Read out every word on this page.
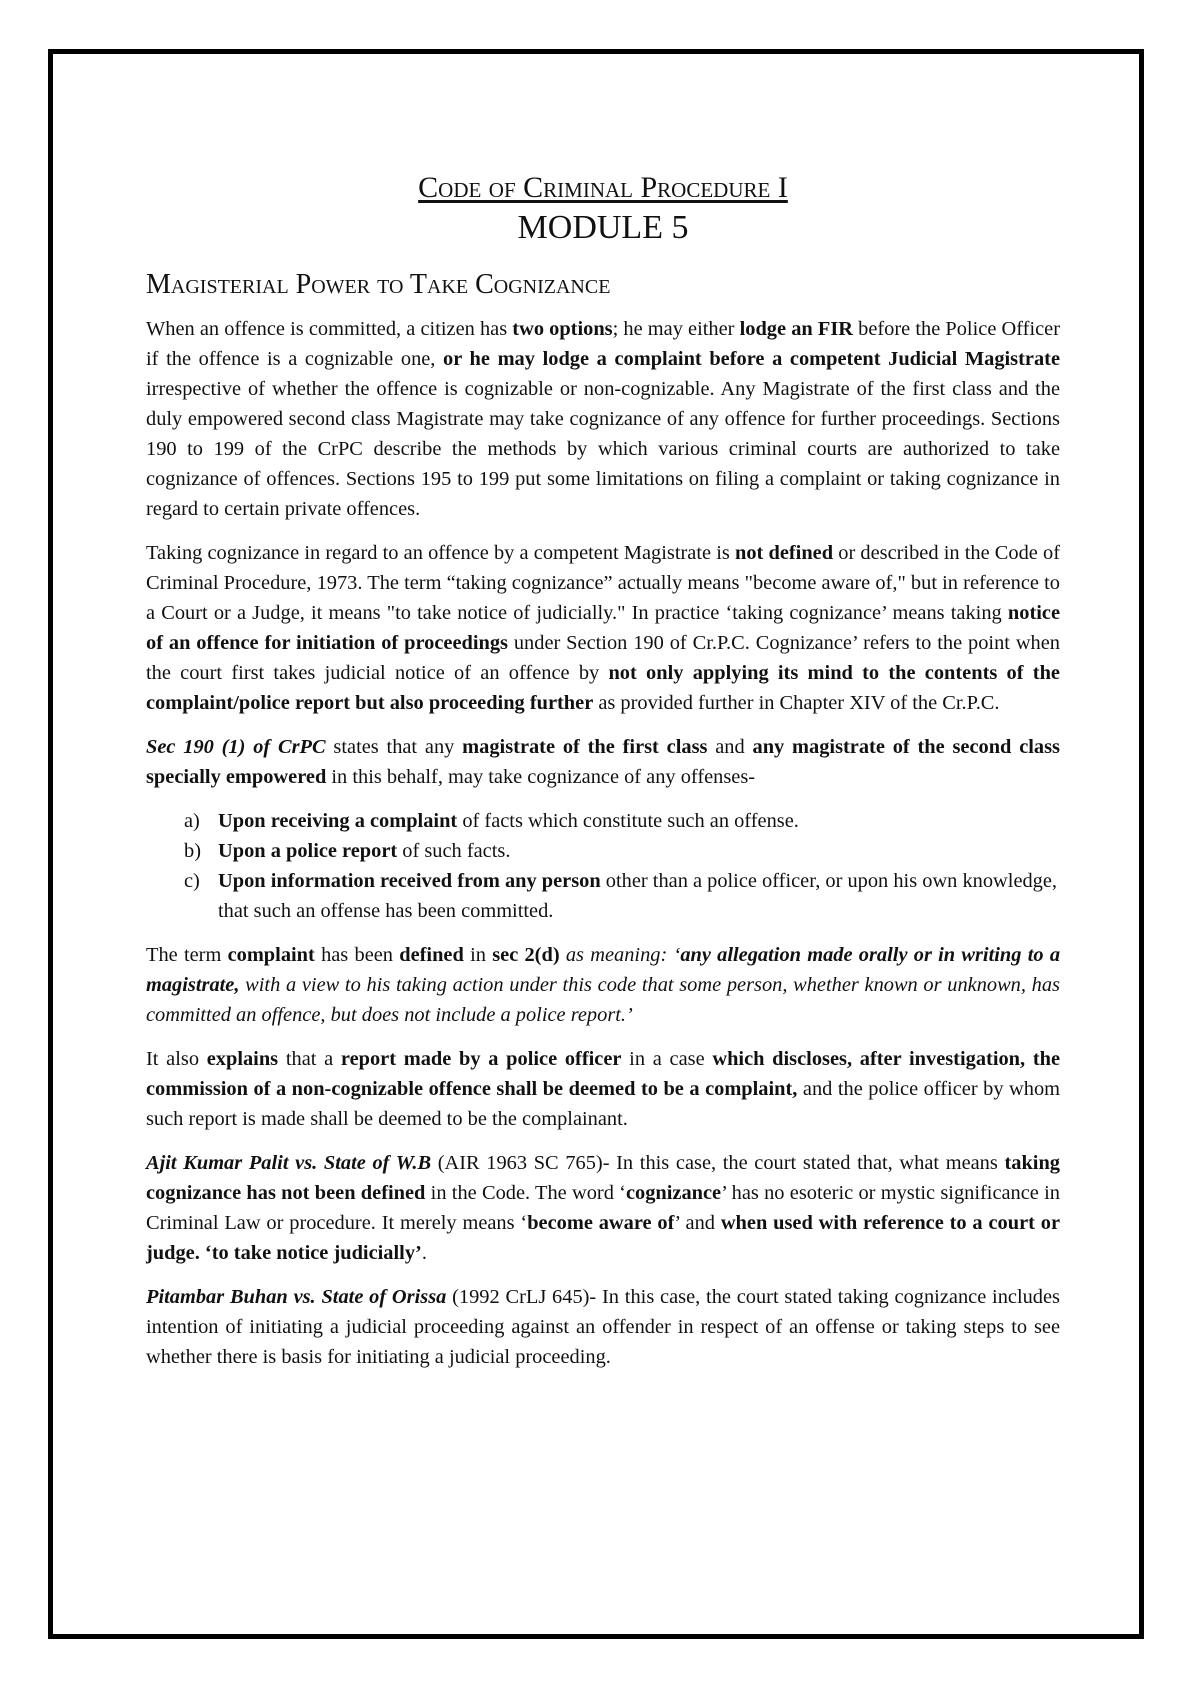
Code of Criminal Procedure I
MODULE 5
Magisterial Power to Take Cognizance

When an offence is committed, a citizen has two options; he may either lodge an FIR before the Police Officer if the offence is a cognizable one, or he may lodge a complaint before a competent Judicial Magistrate irrespective of whether the offence is cognizable or non-cognizable. Any Magistrate of the first class and the duly empowered second class Magistrate may take cognizance of any offence for further proceedings. Sections 190 to 199 of the CrPC describe the methods by which various criminal courts are authorized to take cognizance of offences. Sections 195 to 199 put some limitations on filing a complaint or taking cognizance in regard to certain private offences.

Taking cognizance in regard to an offence by a competent Magistrate is not defined or described in the Code of Criminal Procedure, 1973. The term “taking cognizance” actually means "become aware of," but in reference to a Court or a Judge, it means "to take notice of judicially." In practice ‘taking cognizance’ means taking notice of an offence for initiation of proceedings under Section 190 of Cr.P.C. Cognizance’ refers to the point when the court first takes judicial notice of an offence by not only applying its mind to the contents of the complaint/police report but also proceeding further as provided further in Chapter XIV of the Cr.P.C.

Sec 190 (1) of CrPC states that any magistrate of the first class and any magistrate of the second class specially empowered in this behalf, may take cognizance of any offenses-

a) Upon receiving a complaint of facts which constitute such an offense.
b) Upon a police report of such facts.
c) Upon information received from any person other than a police officer, or upon his own knowledge, that such an offense has been committed.

The term complaint has been defined in sec 2(d) as meaning: ‘any allegation made orally or in writing to a magistrate, with a view to his taking action under this code that some person, whether known or unknown, has committed an offence, but does not include a police report.’

It also explains that a report made by a police officer in a case which discloses, after investigation, the commission of a non-cognizable offence shall be deemed to be a complaint, and the police officer by whom such report is made shall be deemed to be the complainant.

Ajit Kumar Palit vs. State of W.B (AIR 1963 SC 765)- In this case, the court stated that, what means taking cognizance has not been defined in the Code. The word ‘cognizance’ has no esoteric or mystic significance in Criminal Law or procedure. It merely means ‘become aware of’ and when used with reference to a court or judge. ‘to take notice judicially’.

Pitambar Buhan vs. State of Orissa (1992 CrLJ 645)- In this case, the court stated taking cognizance includes intention of initiating a judicial proceeding against an offender in respect of an offense or taking steps to see whether there is basis for initiating a judicial proceeding.
